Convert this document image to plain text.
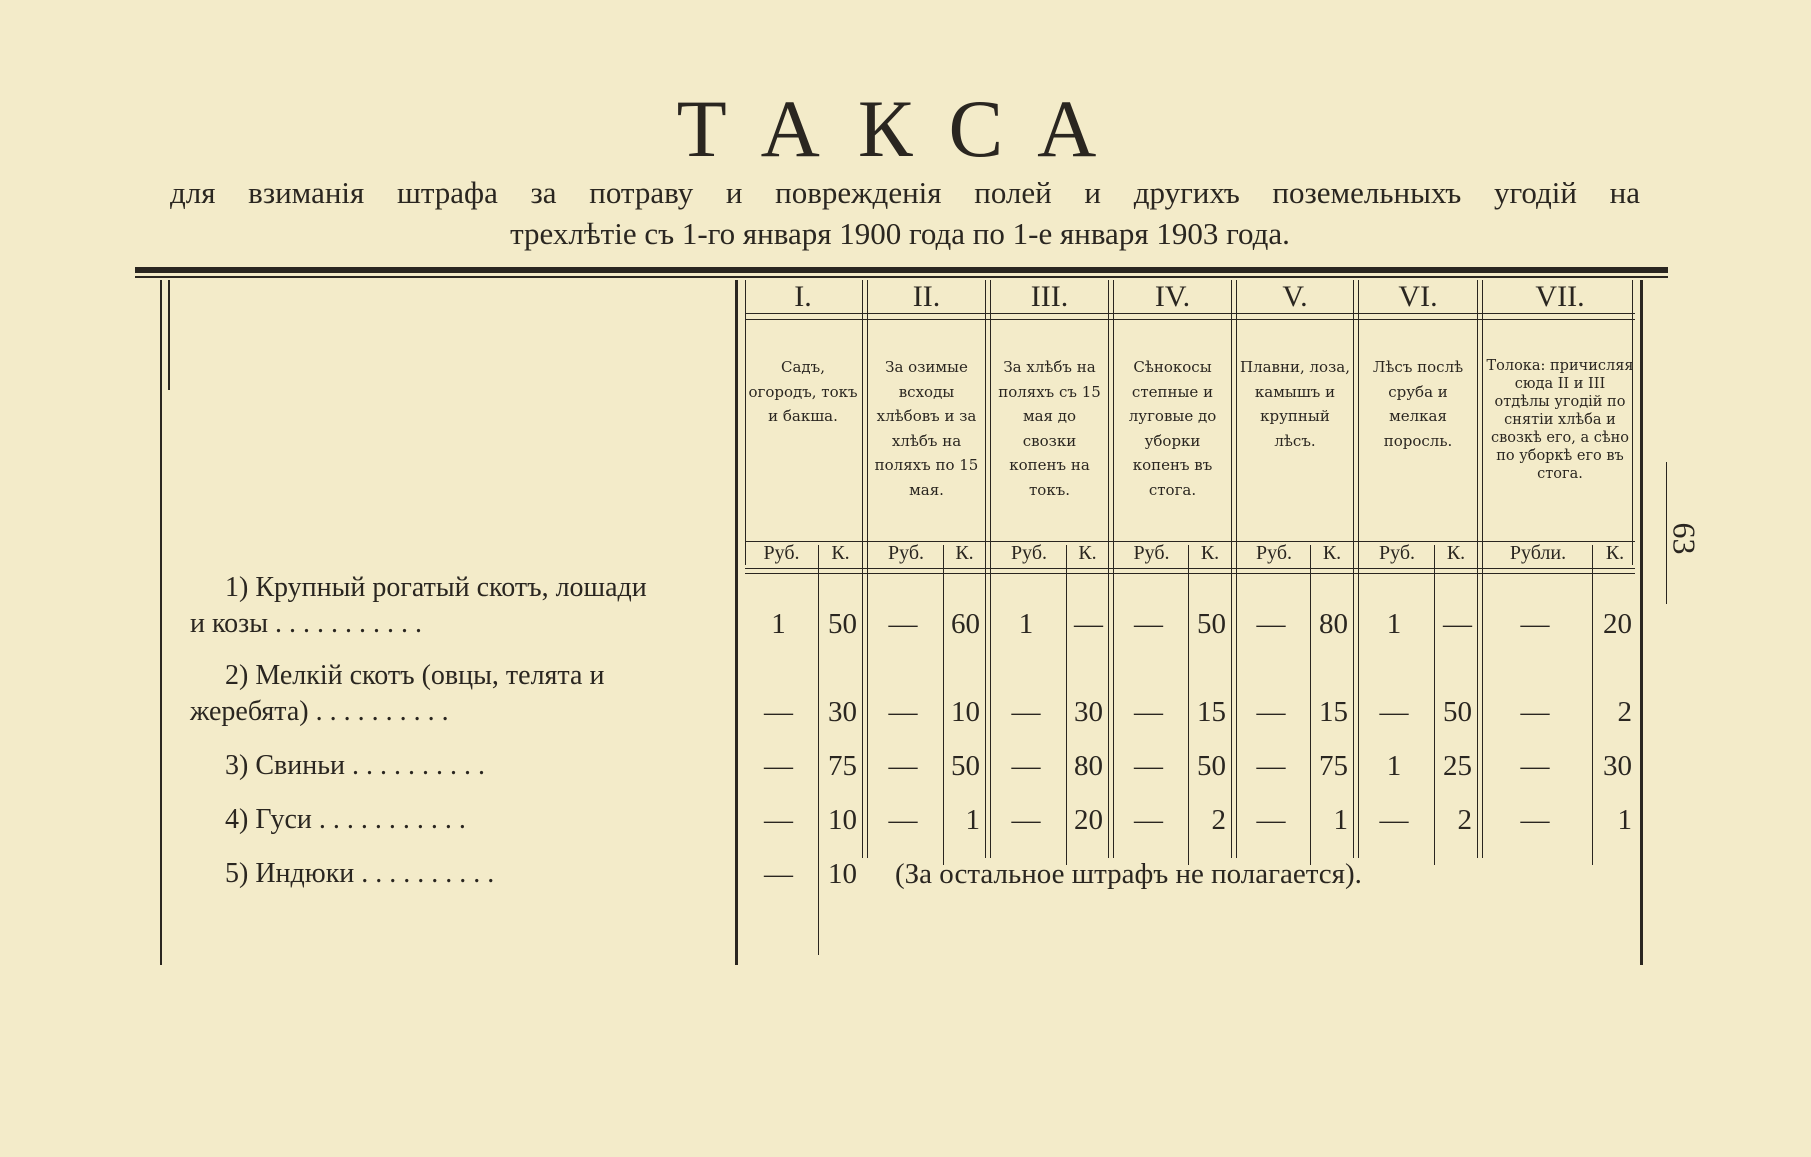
ТАКСА
для взиманія штрафа за потраву и поврежденія полей и другихъ поземельныхъ угодій на
трехлѣтіе съ 1-го января 1900 года по 1-е января 1903 года.
I.
Садъ, огородъ, токъ и бакша.
Руб.	К.
II.
За озимые всходы хлѣбовъ и за хлѣбъ на поляхъ по 15 мая.
Руб.	К.
III.
За хлѣбъ на поляхъ съ 15 мая до свозки копенъ на токъ.
Руб.	К.
IV.
Сѣнокосы степные и луговые до уборки копенъ въ стога.
Руб.	К.
V.
Плавни, лоза, камышъ и крупный лѣсъ.
Руб.	К.
VI.
Лѣсъ послѣ сруба и мелкая поросль.
Руб.	К.
VII.
Толока: причисляя сюда II и III отдѣлы угодій по снятіи хлѣба и свозкѣ его, а сѣно по уборкѣ его въ стога.
Рубли.	К.
1) Крупный рогатый скотъ, лошади
и козы . . . . . . . . . . .	1	50	—	60	1	—	—	50	—	80	1	—	—	20
2) Мелкій скотъ (овцы, телята и
жеребята) . . . . . . . . . .	—	30	—	10	—	30	—	15	—	15	—	50	—	2
3) Свиньи . . . . . . . . . .	—	75	—	50	—	80	—	50	—	75	1	25	—	30
4) Гуси . . . . . . . . . . .	—	10	—	1	—	20	—	2	—	1	—	2	—	1
5) Индюки . . . . . . . . . .	—	10 (За остальное штрафъ не полагается).
63
